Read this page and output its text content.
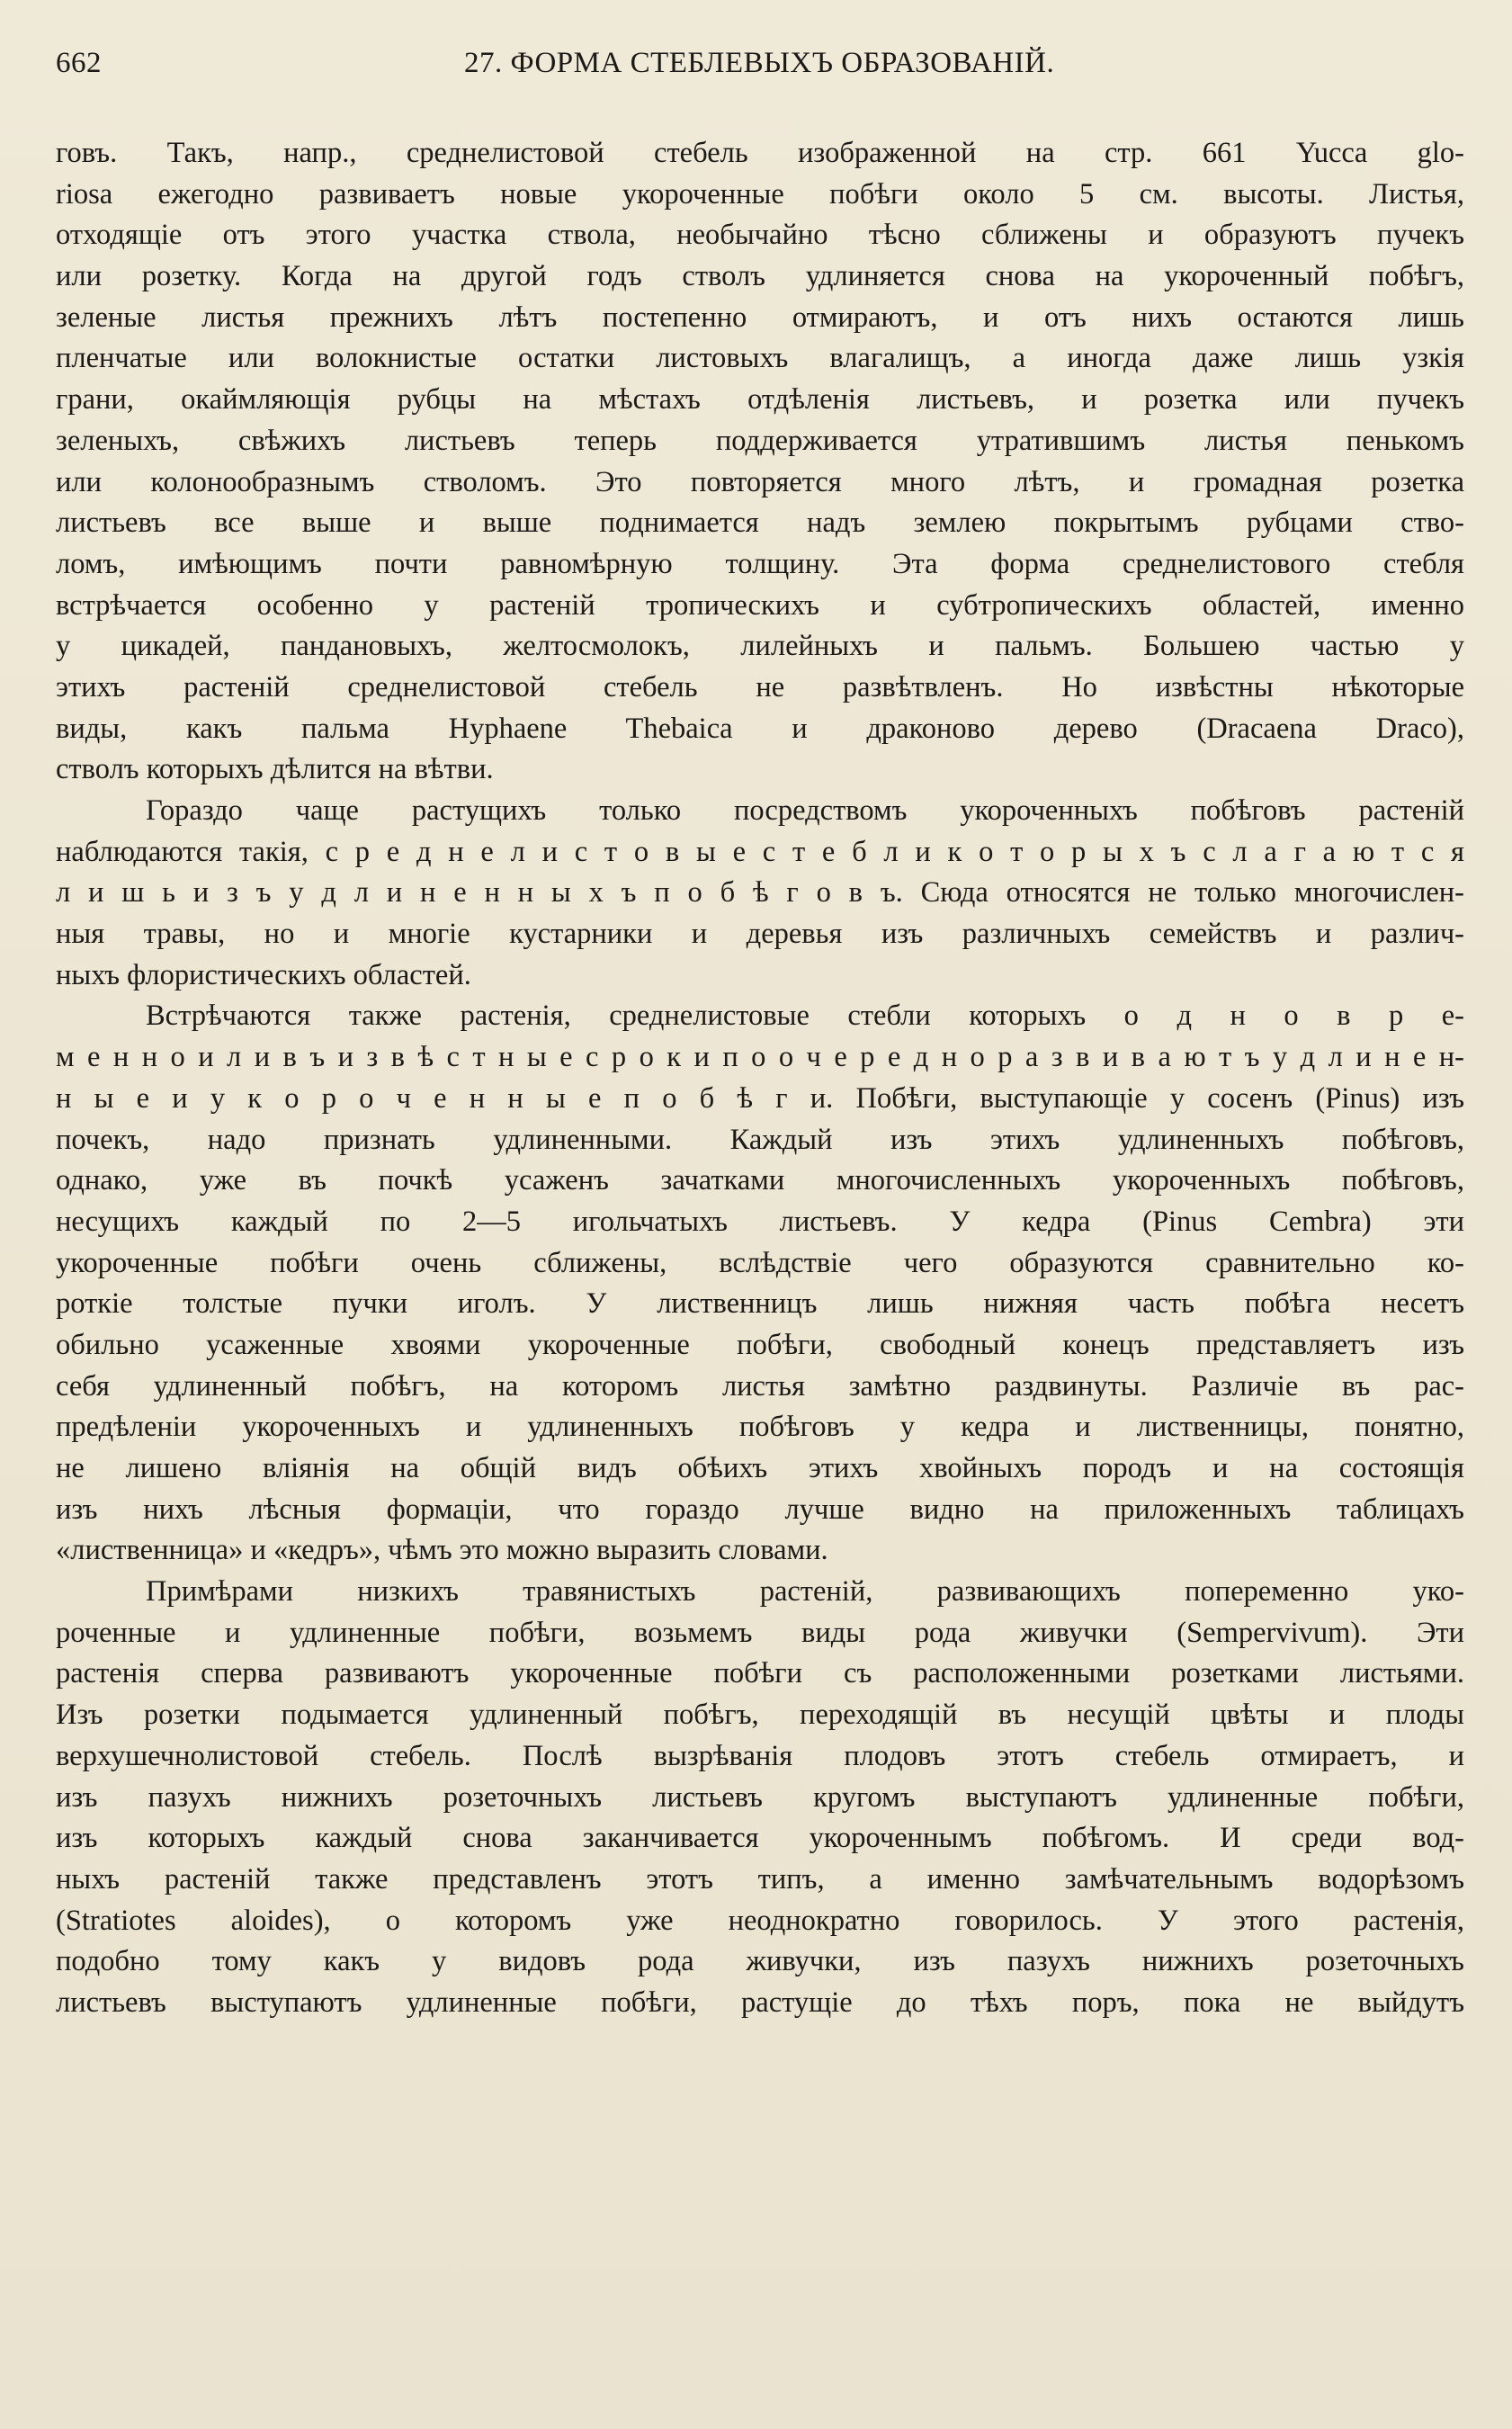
662	27. ФОРМА СТЕБЛЕВЫХЪ ОБРАЗОВАНІЙ.

говъ. Такъ, напр., среднелистовой стебель изображенной на стр. 661 Yucca glo-
riosa ежегодно развиваетъ новые укороченные побѣги около 5 см. высоты. Листья,
отходящіе отъ этого участка ствола, необычайно тѣсно сближены и образуютъ пучекъ
или розетку. Когда на другой годъ стволъ удлиняется снова на укороченный побѣгъ,
зеленые листья прежнихъ лѣтъ постепенно отмираютъ, и отъ нихъ остаются лишь
пленчатые или волокнистые остатки листовыхъ влагалищъ, а иногда даже лишь узкія
грани, окаймляющія рубцы на мѣстахъ отдѣленія листьевъ, и розетка или пучекъ
зеленыхъ, свѣжихъ листьевъ теперь поддерживается утратившимъ листья пенькомъ
или колонообразнымъ стволомъ. Это повторяется много лѣтъ, и громадная розетка
листьевъ все выше и выше поднимается надъ землею покрытымъ рубцами ство-
ломъ, имѣющимъ почти равномѣрную толщину. Эта форма среднелистового стебля
встрѣчается особенно у растеній тропическихъ и субтропическихъ областей, именно
у цикадей, пандановыхъ, желтосмолокъ, лилейныхъ и пальмъ. Большею частью у
этихъ растеній среднелистовой стебель не развѣтвленъ. Но извѣстны нѣкоторые
виды, какъ пальма Hyphaene Thebaica и драконово дерево (Dracaena Draco),
стволъ которыхъ дѣлится на вѣтви.

Гораздо чаще растущихъ только посредствомъ укороченныхъ побѣговъ растеній
наблюдаются такія, с р е д н е л и с т о в ы е с т е б л и к о т о р ы х ъ с л а г а ю т с я
л и ш ь и з ъ у д л и н е н н ы х ъ п о б ѣ г о в ъ. Сюда относятся не только многочислен-
ныя травы, но и многіе кустарники и деревья изъ различныхъ семействъ и различ-
ныхъ флористическихъ областей.

Встрѣчаются также растенія, среднелистовые стебли которыхъ о д н о в р е-
м е н н о и л и в ъ и з в ѣ с т н ы е с р о к и п о о ч е р е д н о р а з в и в а ю т ъ у д л и н е н-
н ы е и у к о р о ч е н н ы е п о б ѣ г и. Побѣги, выступающіе у сосенъ (Pinus) изъ
почекъ, надо признать удлиненными. Каждый изъ этихъ удлиненныхъ побѣговъ,
однако, уже въ почкѣ усаженъ зачатками многочисленныхъ укороченныхъ побѣговъ,
несущихъ каждый по 2—5 игольчатыхъ листьевъ. У кедра (Pinus Cembra) эти
укороченные побѣги очень сближены, вслѣдствіе чего образуются сравнительно ко-
роткіе толстые пучки иголъ. У лиственницъ лишь нижняя часть побѣга несетъ
обильно усаженные хвоями укороченные побѣги, свободный конецъ представляетъ изъ
себя удлиненный побѣгъ, на которомъ листья замѣтно раздвинуты. Различіе въ рас-
предѣленіи укороченныхъ и удлиненныхъ побѣговъ у кедра и лиственницы, понятно,
не лишено вліянія на общій видъ обѣихъ этихъ хвойныхъ породъ и на состоящія
изъ нихъ лѣсныя формаціи, что гораздо лучше видно на приложенныхъ таблицахъ
«лиственница» и «кедръ», чѣмъ это можно выразить словами.

Примѣрами низкихъ травянистыхъ растеній, развивающихъ попеременно уко-
роченные и удлиненные побѣги, возьмемъ виды рода живучки (Sempervivum). Эти
растенія сперва развиваютъ укороченные побѣги съ расположенными розетками листьями.
Изъ розетки подымается удлиненный побѣгъ, переходящій въ несущій цвѣты и плоды
верхушечнолистовой стебель. Послѣ вызрѣванія плодовъ этотъ стебель отмираетъ, и
изъ пазухъ нижнихъ розеточныхъ листьевъ кругомъ выступаютъ удлиненные побѣги,
изъ которыхъ каждый снова заканчивается укороченнымъ побѣгомъ. И среди вод-
ныхъ растеній также представленъ этотъ типъ, а именно замѣчательнымъ водорѣзомъ
(Stratiotes aloides), о которомъ уже неоднократно говорилось. У этого растенія,
подобно тому какъ у видовъ рода живучки, изъ пазухъ нижнихъ розеточныхъ
листьевъ выступаютъ удлиненные побѣги, растущіе до тѣхъ поръ, пока не выйдутъ
